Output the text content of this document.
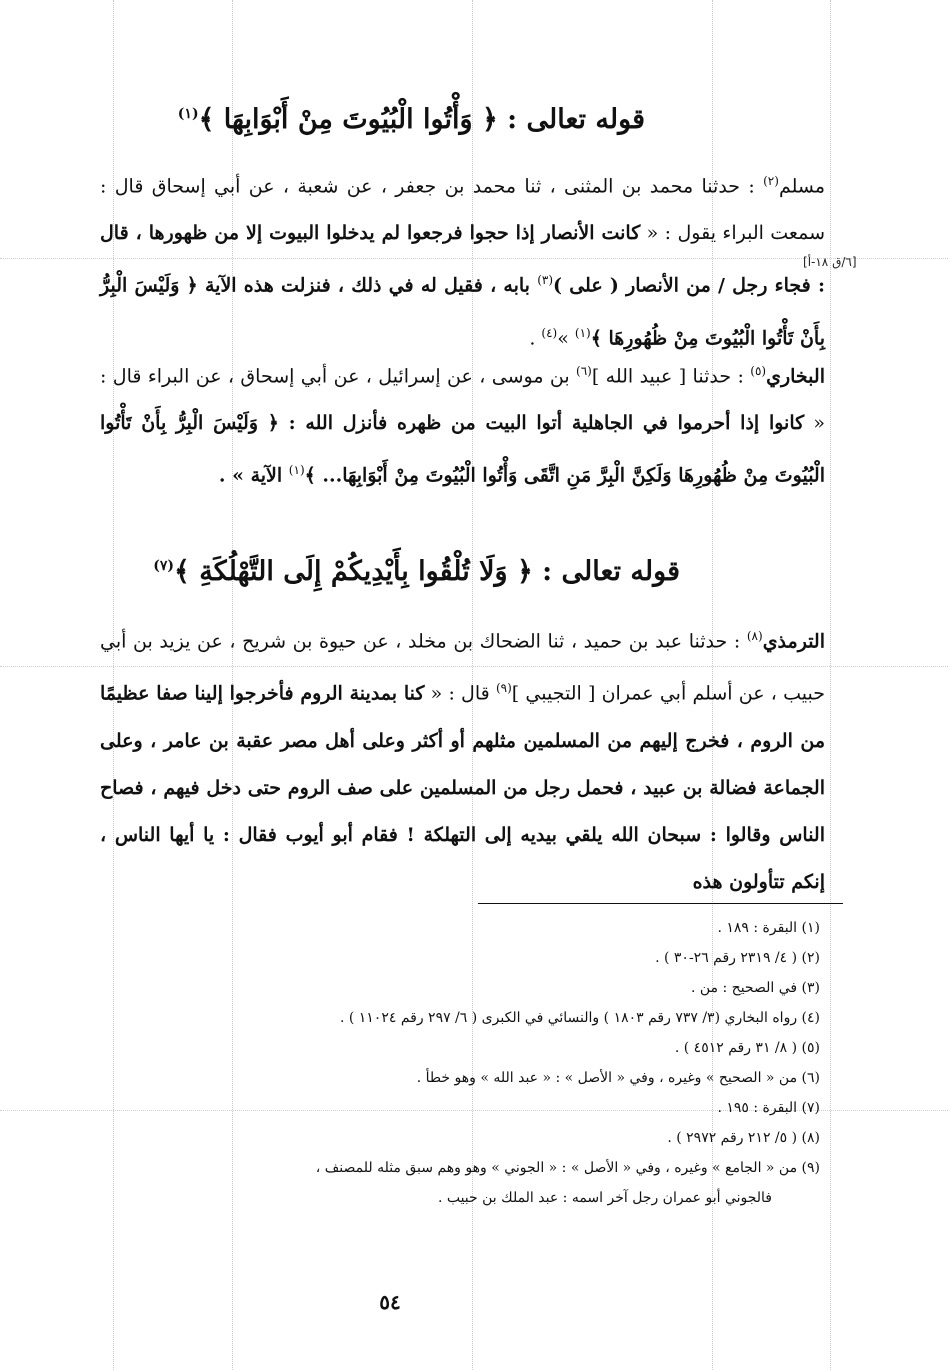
قوله تعالى : ﴿ وَأْتُوا الْبُيُوتَ مِنْ أَبْوَابِهَا ﴾$^{(١)}$
[٦/ق ١٨-أ]
مسلم$^{(٢)}$ : حدثنا محمد بن المثنى ، ثنا محمد بن جعفر ، عن شعبة ، عن أبي إسحاق قال : سمعت البراء يقول : « كانت الأنصار إذا حجوا فرجعوا لم يدخلوا البيوت إلا من ظهورها ، قال : فجاء رجل / من الأنصار ( على )$^{(٣)}$ بابه ، فقيل له في ذلك ، فنزلت هذه الآية ﴿ وَلَيْسَ الْبِرُّ بِأَنْ تَأْتُوا الْبُيُوتَ مِنْ ظُهُورِهَا ﴾$^{(١)}$ »$^{(٤)}$ .
البخاري$^{(٥)}$ : حدثنا [ عبيد الله ]$^{(٦)}$ بن موسى ، عن إسرائيل ، عن أبي إسحاق ، عن البراء قال : « كانوا إذا أحرموا في الجاهلية أتوا البيت من ظهره فأنزل الله : ﴿ وَلَيْسَ الْبِرُّ بِأَنْ تَأْتُوا الْبُيُوتَ مِنْ ظُهُورِهَا وَلَكِنَّ الْبِرَّ مَنِ اتَّقَى وَأْتُوا الْبُيُوتَ مِنْ أَبْوَابِهَا... ﴾$^{(١)}$ الآية » .
قوله تعالى : ﴿ وَلَا تُلْقُوا بِأَيْدِيكُمْ إِلَى التَّهْلُكَةِ ﴾$^{(٧)}$
الترمذي$^{(٨)}$ : حدثنا عبد بن حميد ، ثنا الضحاك بن مخلد ، عن حيوة بن شريح ، عن يزيد بن أبي حبيب ، عن أسلم أبي عمران [ التجيبي ]$^{(٩)}$ قال : « كنا بمدينة الروم فأخرجوا إلينا صفا عظيمًا من الروم ، فخرج إليهم من المسلمين مثلهم أو أكثر وعلى أهل مصر عقبة بن عامر ، وعلى الجماعة فضالة بن عبيد ، فحمل رجل من المسلمين على صف الروم حتى دخل فيهم ، فصاح الناس وقالوا : سبحان الله يلقي بيديه إلى التهلكة ! فقام أبو أيوب فقال : يا أيها الناس ، إنكم تتأولون هذه
(١) البقرة : ١٨٩ .
(٢) ( ٤/ ٢٣١٩ رقم ٢٦-٣٠ ) .
(٣) في الصحيح : من .
(٤) رواه البخاري (٣/ ٧٣٧ رقم ١٨٠٣ ) والنسائي في الكبرى ( ٦/ ٢٩٧ رقم ١١٠٢٤ ) .
(٥) ( ٨/ ٣١ رقم ٤٥١٢ ) .
(٦) من « الصحيح » وغيره ، وفي « الأصل » : « عبد الله » وهو خطأ .
(٧) البقرة : ١٩٥ .
(٨) ( ٥/ ٢١٢ رقم ٢٩٧٢ ) .
(٩) من « الجامع » وغيره ، وفي « الأصل » : « الجوني » وهو وهم سبق مثله للمصنف ،
فالجوني أبو عمران رجل آخر اسمه : عبد الملك بن حبيب .
٥٤
